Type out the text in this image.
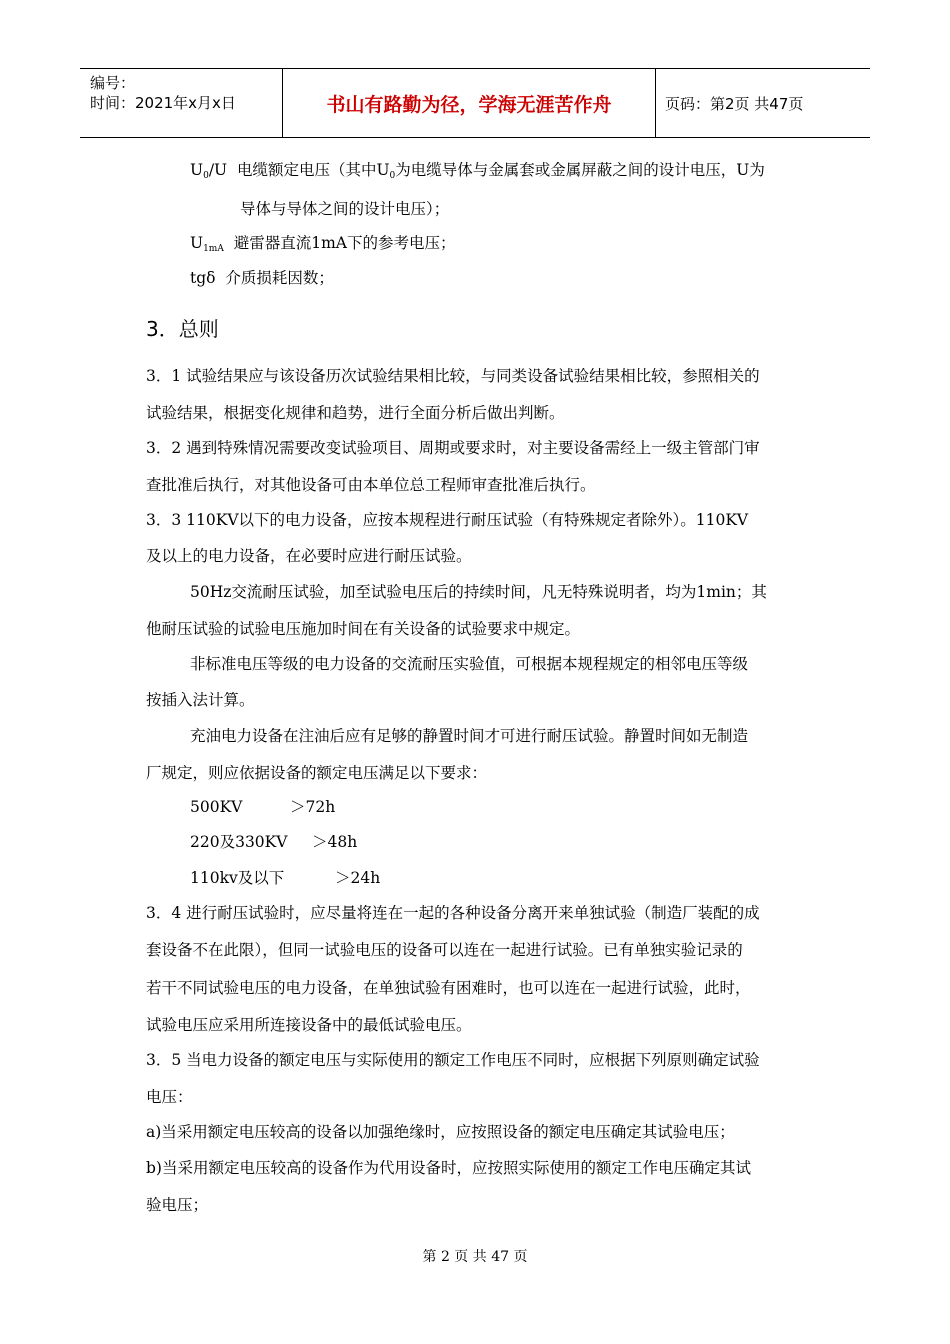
编号：
时间：2021年x月x日	书山有路勤为径，学海无涯苦作舟	页码：第2页 共47页
$U_0/U$ 电缆额定电压（其中$U_0$为电缆导体与金属套或金属屏蔽之间的设计电压，U为
导体与导体之间的设计电压）；
$U_{1mA}$ 避雷器直流1mA下的参考电压；
tgδ 介质损耗因数；
3．总则
3．1 试验结果应与该设备历次试验结果相比较，与同类设备试验结果相比较，参照相关的
试验结果，根据变化规律和趋势，进行全面分析后做出判断。
3．2 遇到特殊情况需要改变试验项目、周期或要求时，对主要设备需经上一级主管部门审
查批准后执行，对其他设备可由本单位总工程师审查批准后执行。
3．3 110KV以下的电力设备，应按本规程进行耐压试验（有特殊规定者除外）。110KV
及以上的电力设备，在必要时应进行耐压试验。
50Hz交流耐压试验，加至试验电压后的持续时间，凡无特殊说明者，均为1min；其
他耐压试验的试验电压施加时间在有关设备的试验要求中规定。
非标准电压等级的电力设备的交流耐压实验值，可根据本规程规定的相邻电压等级
按插入法计算。
充油电力设备在注油后应有足够的静置时间才可进行耐压试验。静置时间如无制造
厂规定，则应依据设备的额定电压满足以下要求：
500KV	＞72h
220及330KV ＞48h
110kv及以下	＞24h
3．4 进行耐压试验时，应尽量将连在一起的各种设备分离开来单独试验（制造厂装配的成
套设备不在此限），但同一试验电压的设备可以连在一起进行试验。已有单独实验记录的
若干不同试验电压的电力设备，在单独试验有困难时，也可以连在一起进行试验，此时，
试验电压应采用所连接设备中的最低试验电压。
3．5 当电力设备的额定电压与实际使用的额定工作电压不同时，应根据下列原则确定试验
电压：
a)当采用额定电压较高的设备以加强绝缘时，应按照设备的额定电压确定其试验电压；
b)当采用额定电压较高的设备作为代用设备时，应按照实际使用的额定工作电压确定其试
验电压；
第 2 页 共 47 页
